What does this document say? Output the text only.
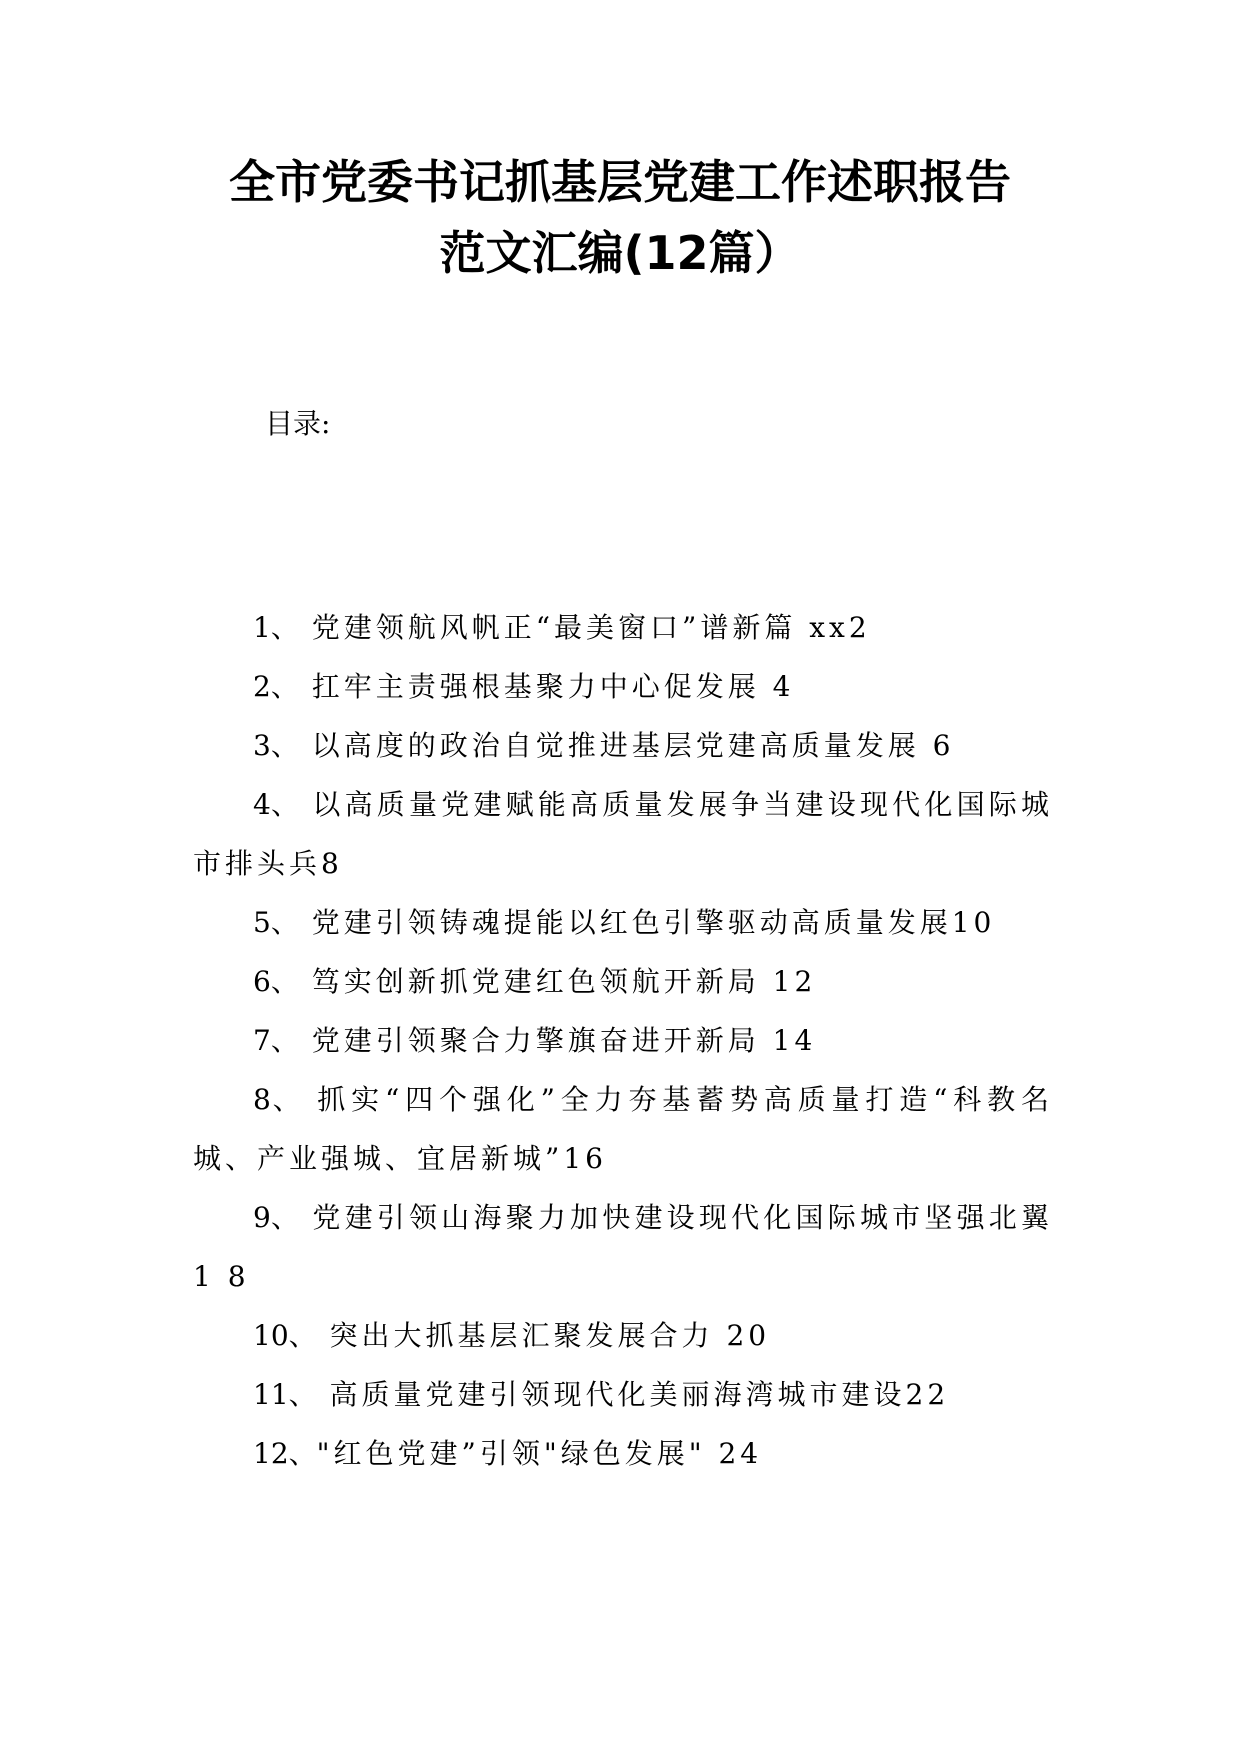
全市党委书记抓基层党建工作述职报告
范文汇编(12篇）
目录:
1、 党建领航风帆正“最美窗口”谱新篇 xx2
2、 扛牢主责强根基聚力中心促发展 4
3、 以高度的政治自觉推进基层党建高质量发展 6
4、 以高质量党建赋能高质量发展争当建设现代化国际城市排头兵8
5、 党建引领铸魂提能以红色引擎驱动高质量发展10
6、 笃实创新抓党建红色领航开新局 12
7、 党建引领聚合力擎旗奋进开新局 14
8、 抓实“四个强化”全力夯基蓄势高质量打造“科教名城、产业强城、宜居新城”16
9、 党建引领山海聚力加快建设现代化国际城市坚强北翼 1 8
10、 突出大抓基层汇聚发展合力 20
11、 高质量党建引领现代化美丽海湾城市建设22
12、"红色党建”引领"绿色发展" 24
